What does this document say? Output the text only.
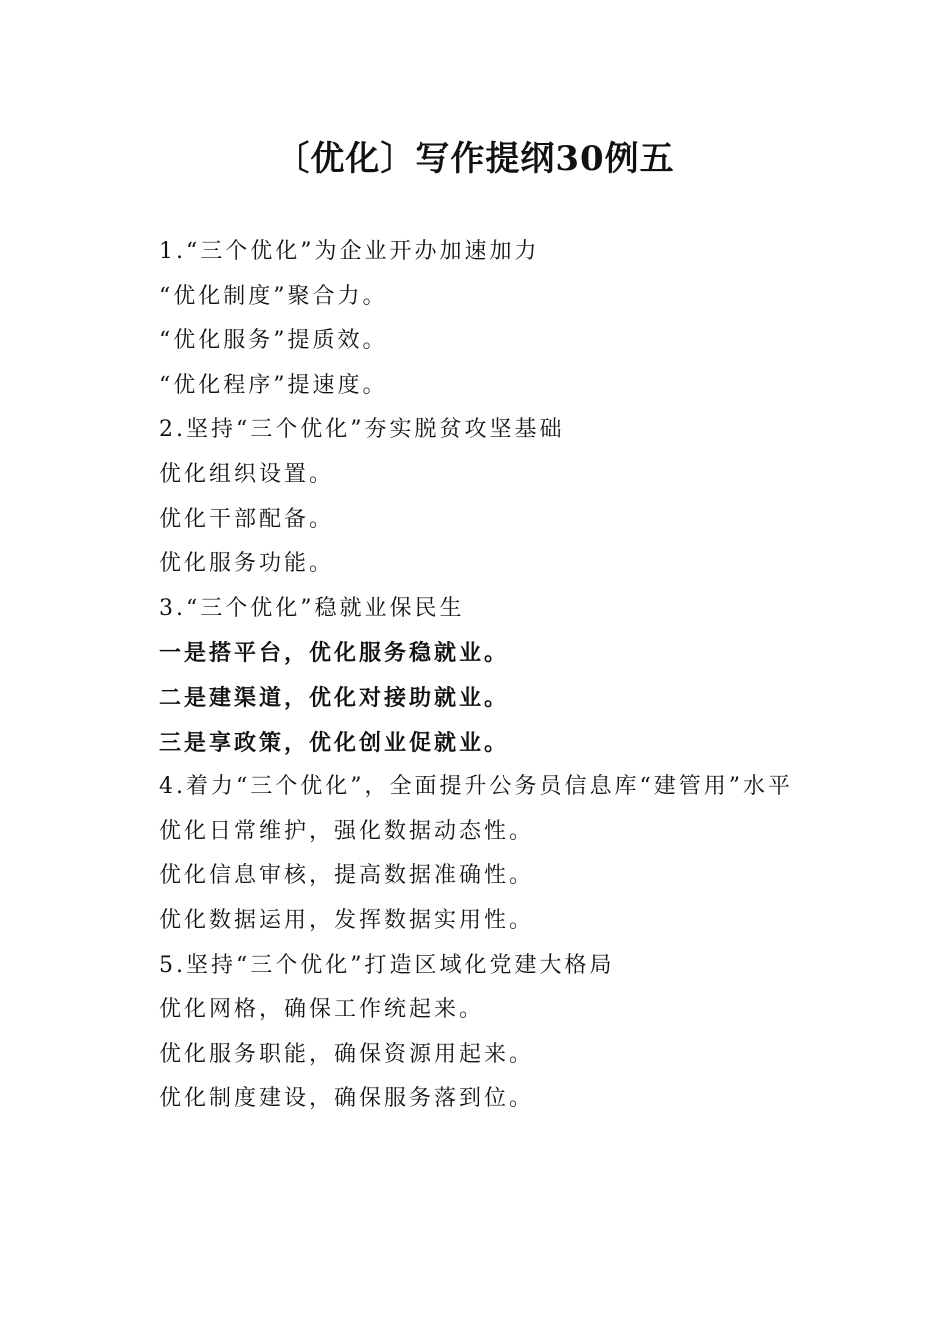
〔优化〕写作提纲30例五
1.“三个优化”为企业开办加速加力
“优化制度”聚合力。
“优化服务”提质效。
“优化程序”提速度。
2.坚持“三个优化”夯实脱贫攻坚基础
优化组织设置。
优化干部配备。
优化服务功能。
3.“三个优化”稳就业保民生
一是搭平台，优化服务稳就业。
二是建渠道，优化对接助就业。
三是享政策，优化创业促就业。
4.着力“三个优化”，全面提升公务员信息库“建管用”水平
优化日常维护，强化数据动态性。
优化信息审核，提高数据准确性。
优化数据运用，发挥数据实用性。
5.坚持“三个优化”打造区域化党建大格局
优化网格，确保工作统起来。
优化服务职能，确保资源用起来。
优化制度建设，确保服务落到位。
